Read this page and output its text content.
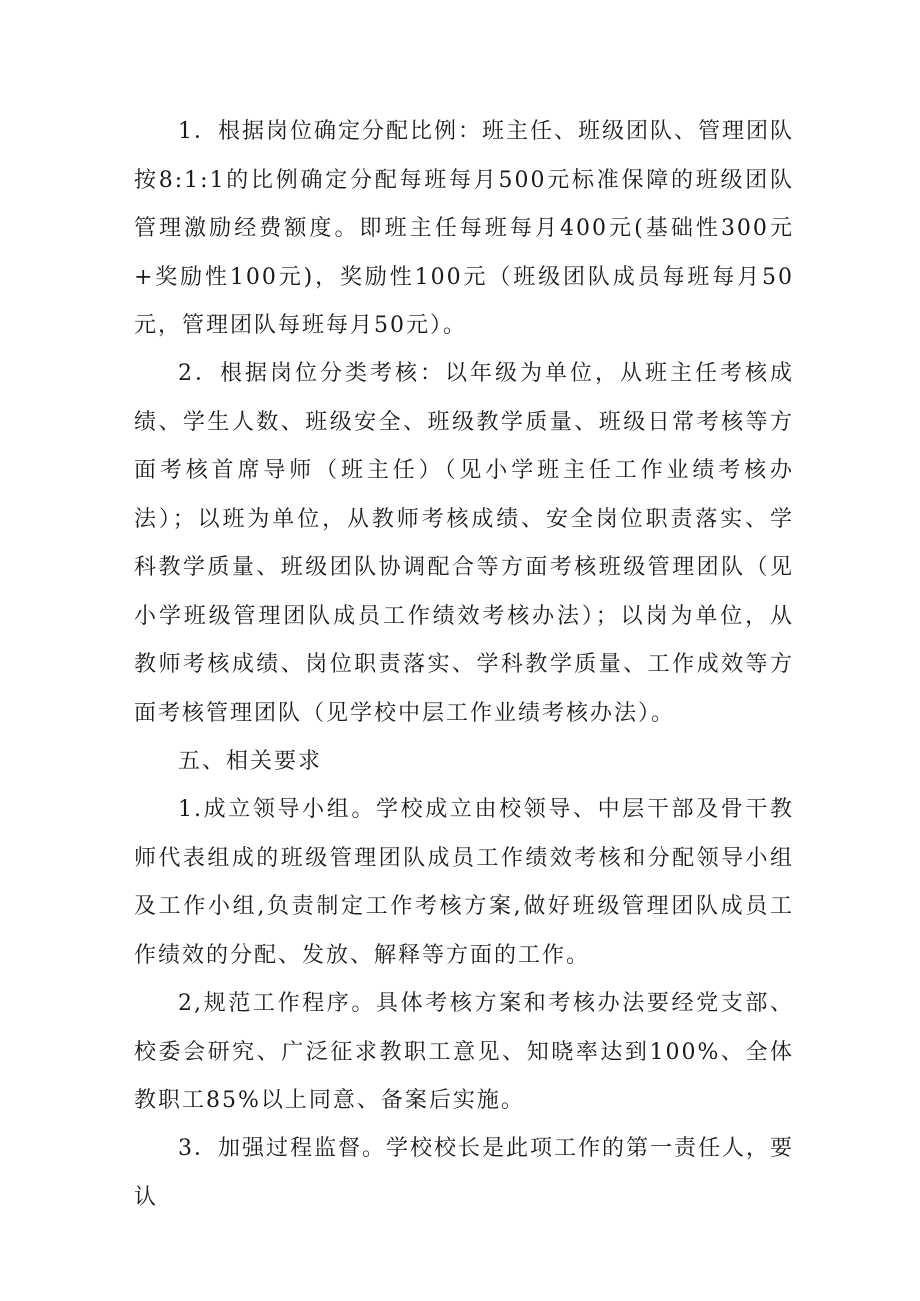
1．根据岗位确定分配比例：班主任、班级团队、管理团队按8:1:1的比例确定分配每班每月500元标准保障的班级团队管理激励经费额度。即班主任每班每月400元(基础性300元+奖励性100元)，奖励性100元（班级团队成员每班每月50元，管理团队每班每月50元）。

2．根据岗位分类考核：以年级为单位，从班主任考核成绩、学生人数、班级安全、班级教学质量、班级日常考核等方面考核首席导师（班主任）（见小学班主任工作业绩考核办法）；以班为单位，从教师考核成绩、安全岗位职责落实、学科教学质量、班级团队协调配合等方面考核班级管理团队（见小学班级管理团队成员工作绩效考核办法）；以岗为单位，从教师考核成绩、岗位职责落实、学科教学质量、工作成效等方面考核管理团队（见学校中层工作业绩考核办法）。

五、相关要求

1.成立领导小组。学校成立由校领导、中层干部及骨干教师代表组成的班级管理团队成员工作绩效考核和分配领导小组及工作小组,负责制定工作考核方案,做好班级管理团队成员工作绩效的分配、发放、解释等方面的工作。

2,规范工作程序。具体考核方案和考核办法要经党支部、校委会研究、广泛征求教职工意见、知晓率达到100%、全体教职工85%以上同意、备案后实施。

3．加强过程监督。学校校长是此项工作的第一责任人，要认
